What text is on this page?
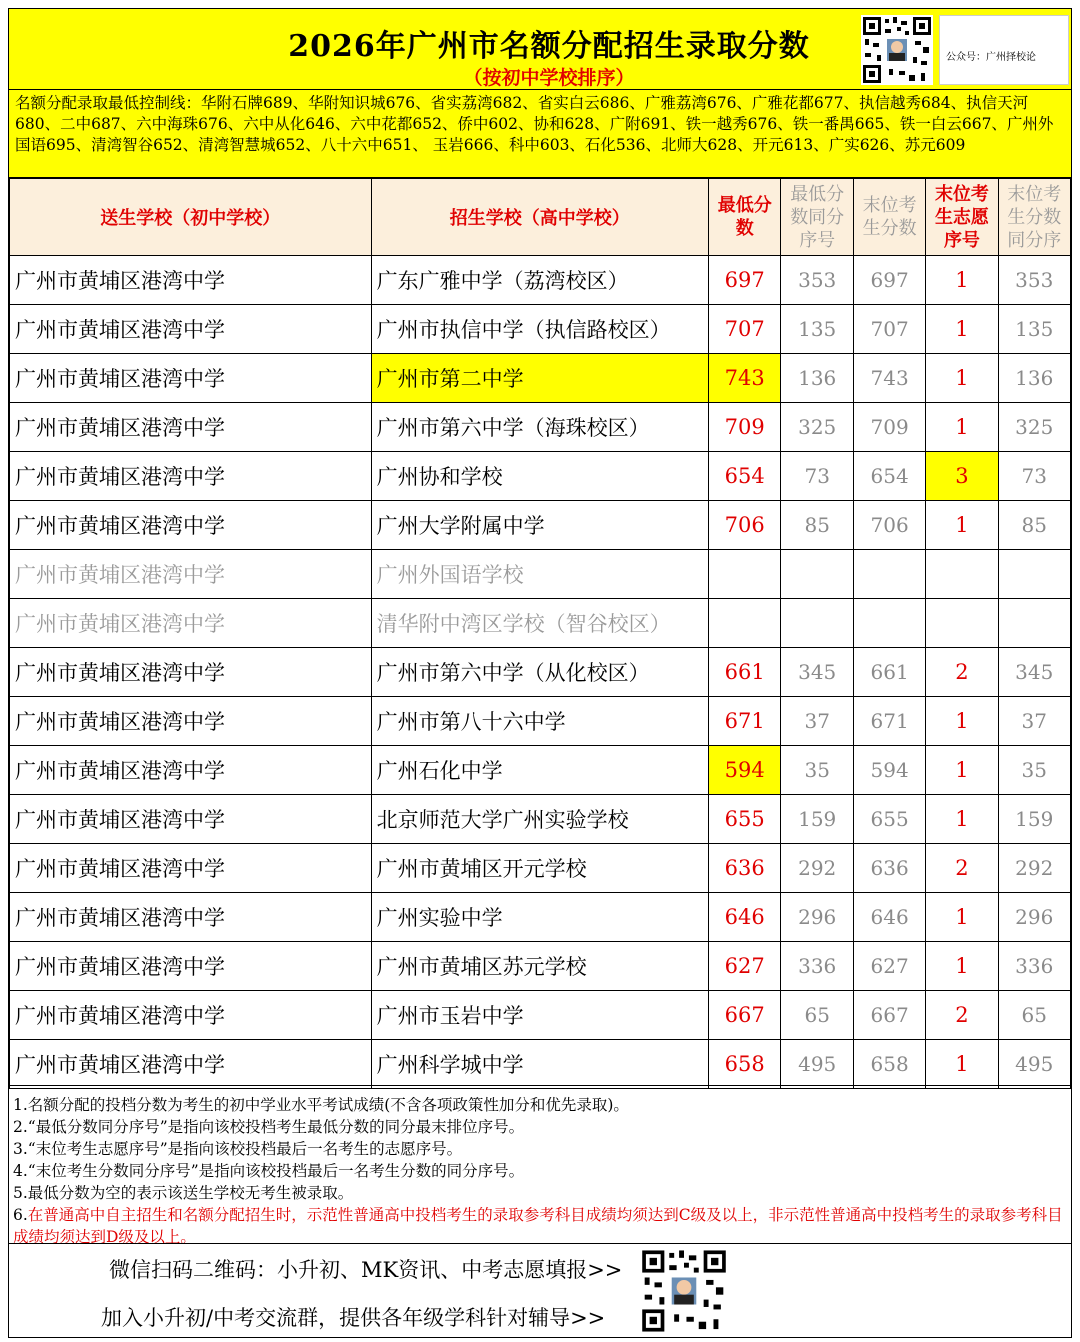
2026年广州市名额分配招生录取分数
（按初中学校排序）
公众号：广州择校论
名额分配录取最低控制线：华附石牌689、华附知识城676、省实荔湾682、省实白云686、广雅荔湾676、广雅花都677、执信越秀684、执信天河680、二中687、六中海珠676、六中从化646、六中花都652、侨中602、协和628、广附691、铁一越秀676、铁一番禺665、铁一白云667、广州外国语695、清湾智谷652、清湾智慧城652、八十六中651、 玉岩666、科中603、石化536、北师大628、开元613、广实626、苏元609
送生学校（初中学校）	招生学校（高中学校）	最低分数	最低分数同分序号	末位考生分数	末位考生志愿序号	末位考生分数同分序
广州市黄埔区港湾中学	广东广雅中学（荔湾校区）	697	353	697	1	353
广州市黄埔区港湾中学	广州市执信中学（执信路校区）	707	135	707	1	135
广州市黄埔区港湾中学	广州市第二中学	743	136	743	1	136
广州市黄埔区港湾中学	广州市第六中学（海珠校区）	709	325	709	1	325
广州市黄埔区港湾中学	广州协和学校	654	73	654	3	73
广州市黄埔区港湾中学	广州大学附属中学	706	85	706	1	85
广州市黄埔区港湾中学	广州外国语学校					
广州市黄埔区港湾中学	清华附中湾区学校（智谷校区）					
广州市黄埔区港湾中学	广州市第六中学（从化校区）	661	345	661	2	345
广州市黄埔区港湾中学	广州市第八十六中学	671	37	671	1	37
广州市黄埔区港湾中学	广州石化中学	594	35	594	1	35
广州市黄埔区港湾中学	北京师范大学广州实验学校	655	159	655	1	159
广州市黄埔区港湾中学	广州市黄埔区开元学校	636	292	636	2	292
广州市黄埔区港湾中学	广州实验中学	646	296	646	1	296
广州市黄埔区港湾中学	广州市黄埔区苏元学校	627	336	627	1	336
广州市黄埔区港湾中学	广州市玉岩中学	667	65	667	2	65
广州市黄埔区港湾中学	广州科学城中学	658	495	658	1	495
1.名额分配的投档分数为考生的初中学业水平考试成绩(不含各项政策性加分和优先录取)。
2.“最低分数同分序号”是指向该校投档考生最低分数的同分最末排位序号。
3.“末位考生志愿序号”是指向该校投档最后一名考生的志愿序号。
4.“末位考生分数同分序号”是指向该校投档最后一名考生分数的同分序号。
5.最低分数为空的表示该送生学校无考生被录取。
6.在普通高中自主招生和名额分配招生时，示范性普通高中投档考生的录取参考科目成绩均须达到C级及以上，非示范性普通高中投档考生的录取参考科目成绩均须达到D级及以上。
微信扫码二维码：小升初、MK资讯、中考志愿填报>>
加入小升初/中考交流群，提供各年级学科针对辅导>>
